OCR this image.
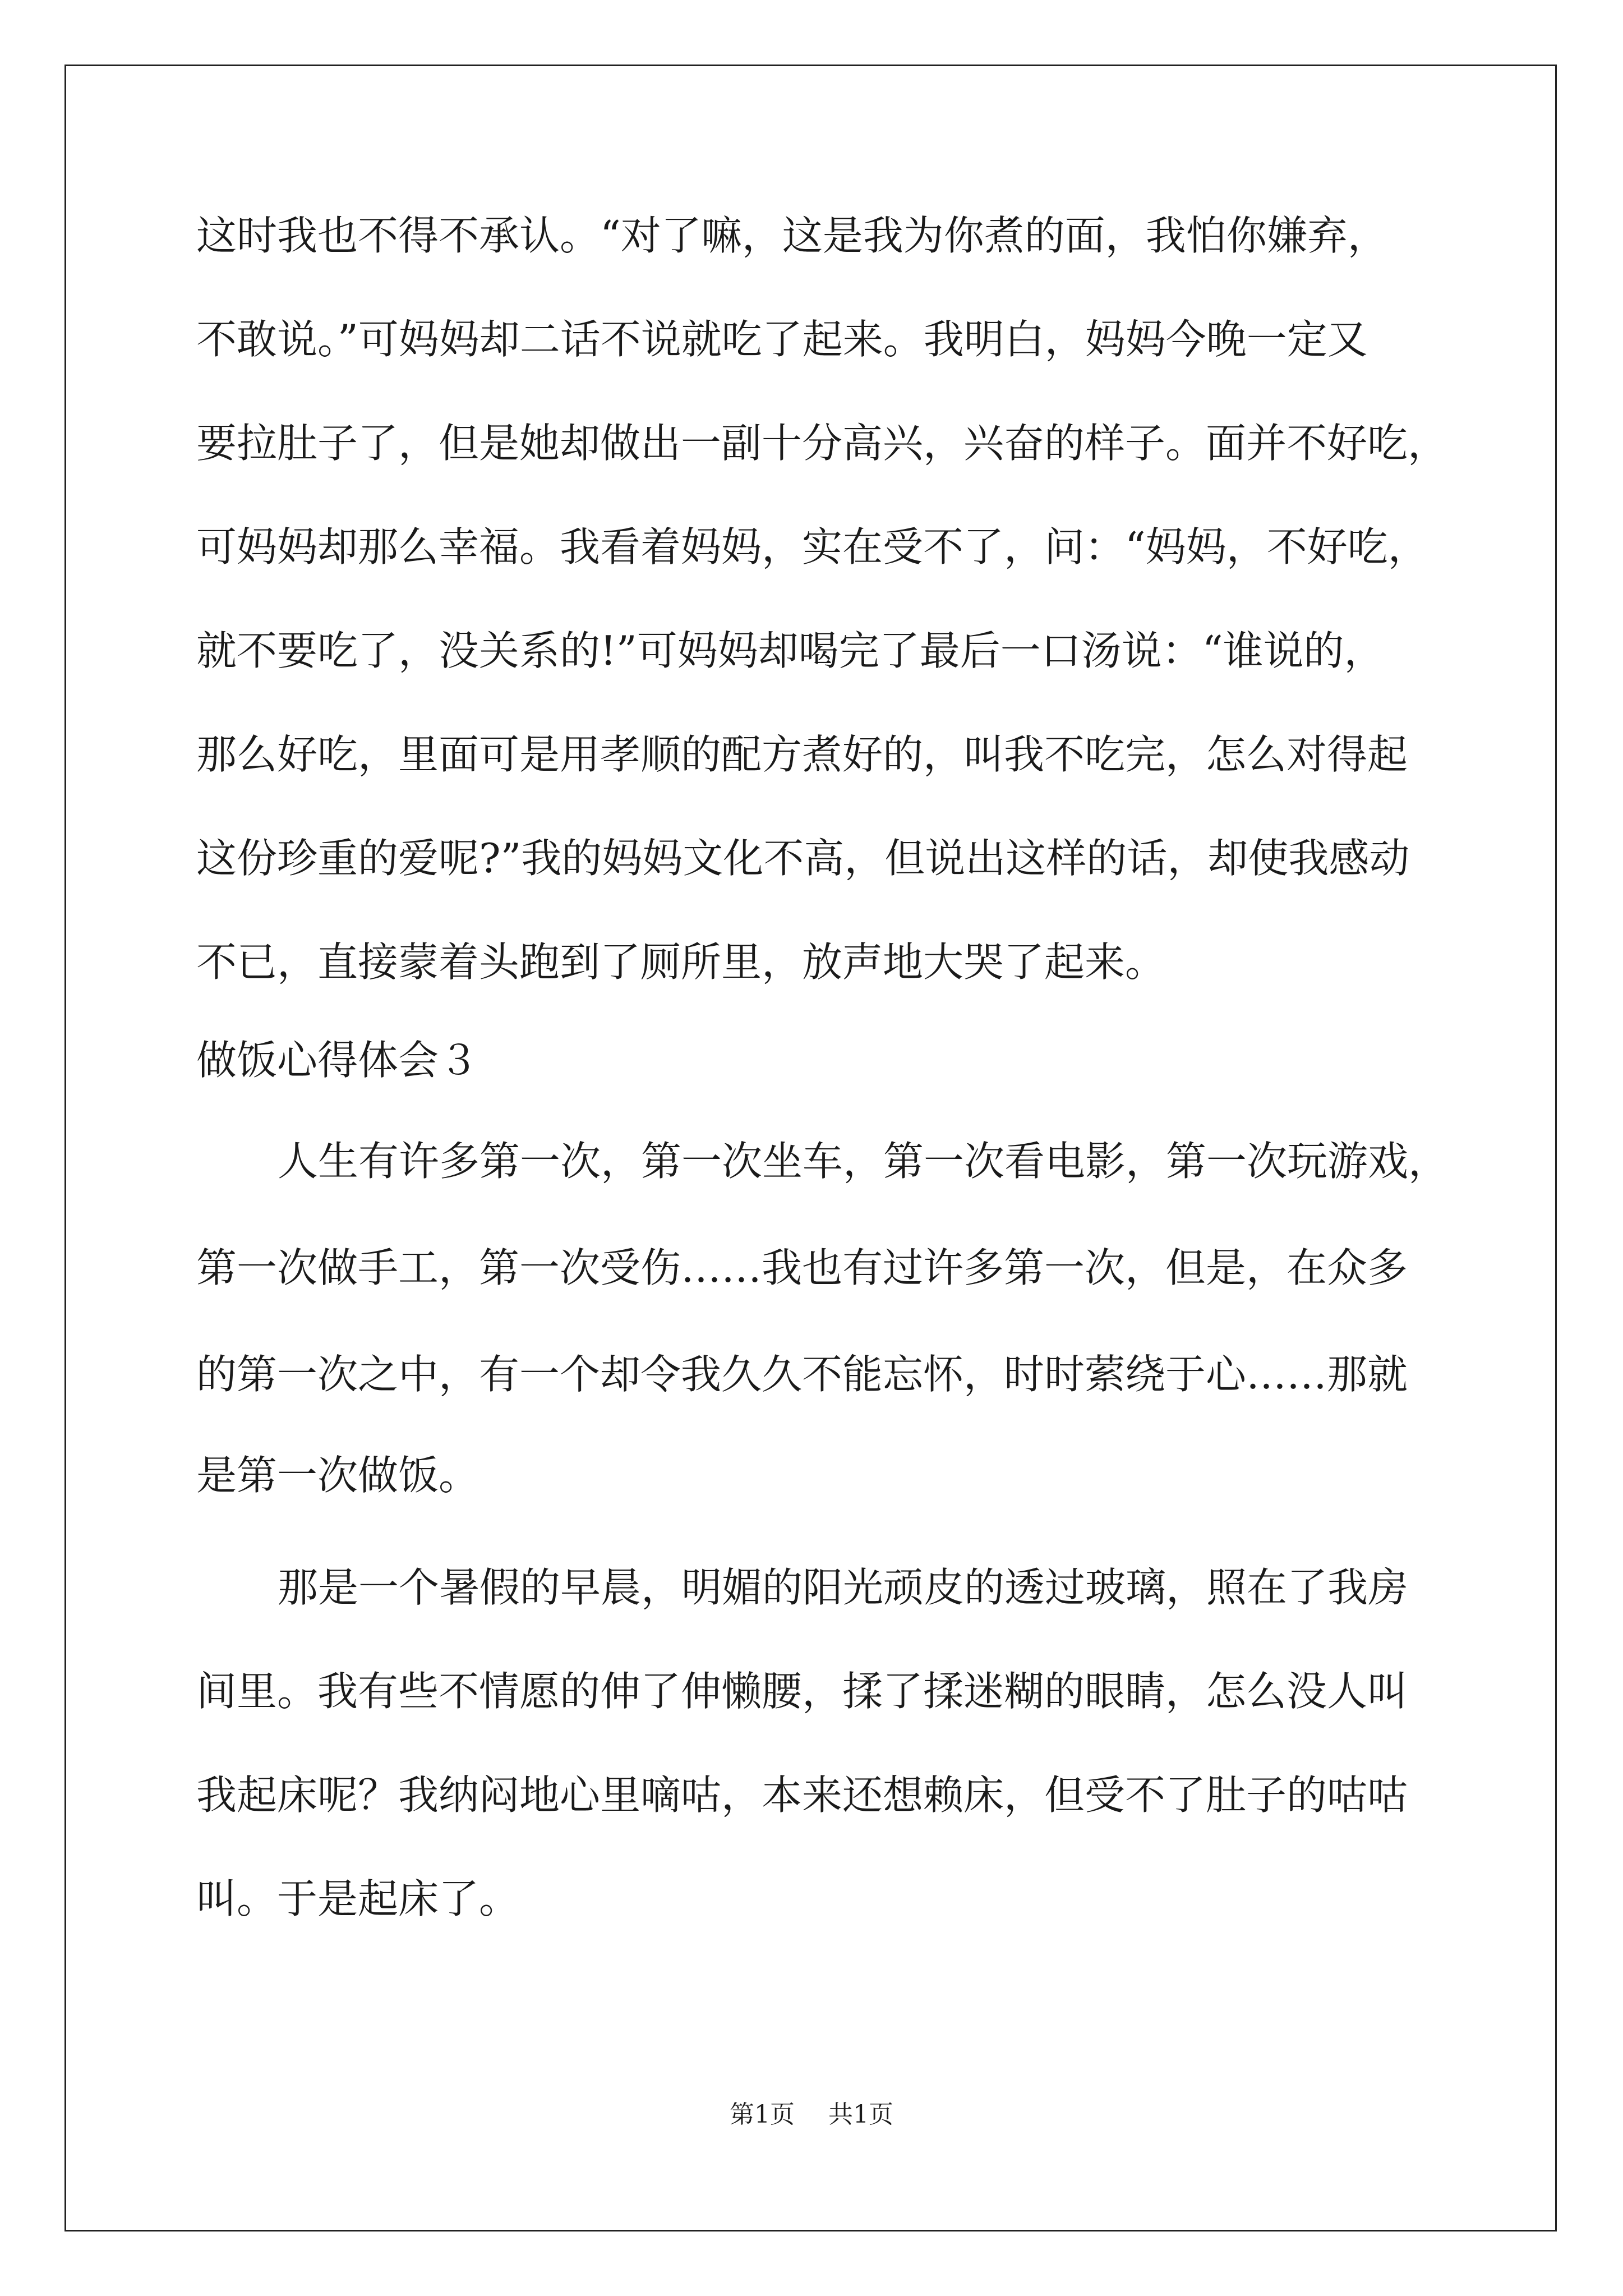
这时我也不得不承认。“对了嘛，这是我为你煮的面，我怕你嫌弃，
不敢说。”可妈妈却二话不说就吃了起来。我明白，妈妈今晚一定又
要拉肚子了，但是她却做出一副十分高兴，兴奋的样子。面并不好吃，
可妈妈却那么幸福。我看着妈妈，实在受不了，问：“妈妈，不好吃，
就不要吃了，没关系的!”可妈妈却喝完了最后一口汤说：“谁说的，
那么好吃，里面可是用孝顺的配方煮好的，叫我不吃完，怎么对得起
这份珍重的爱呢?”我的妈妈文化不高，但说出这样的话，却使我感动
不已，直接蒙着头跑到了厕所里，放声地大哭了起来。
做饭心得体会３
人生有许多第一次，第一次坐车，第一次看电影，第一次玩游戏，
第一次做手工，第一次受伤……我也有过许多第一次，但是，在众多
的第一次之中，有一个却令我久久不能忘怀，时时萦绕于心……那就
是第一次做饭。
那是一个暑假的早晨，明媚的阳光顽皮的透过玻璃，照在了我房
间里。我有些不情愿的伸了伸懒腰，揉了揉迷糊的眼睛，怎么没人叫
我起床呢？我纳闷地心里嘀咕，本来还想赖床，但受不了肚子的咕咕
叫。于是起床了。
第1页 共1页
